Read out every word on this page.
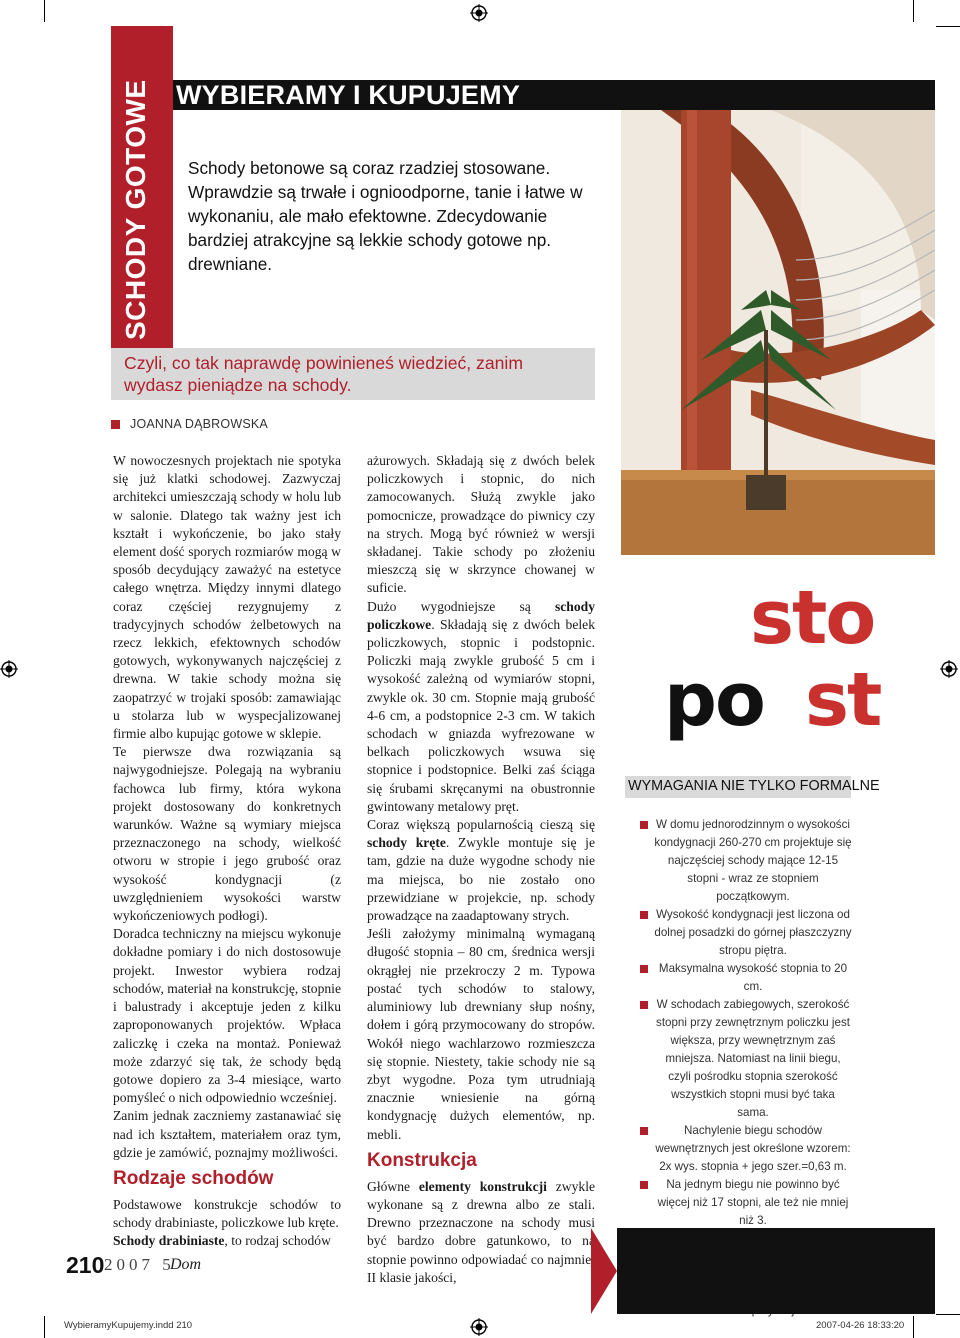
SCHODY GOTOWE WYBIERAMY I KUPUJEMY
Schody betonowe są coraz rzadziej stosowane. Wprawdzie są trwałe i ognioodporne, tanie i łatwe w wykonaniu, ale mało efektowne. Zdecydowanie bardziej atrakcyjne są lekkie schody gotowe np. drewniane.
Czyli, co tak naprawdę powinieneś wiedzieć, zanim wydasz pieniądze na schody.
JOANNA DĄBROWSKA

W nowoczesnych projektach nie spotyka się już klatki schodowej. Zazwyczaj architekci umieszczają schody w holu lub w salonie. Dlatego tak ważny jest ich kształt i wykończenie, bo jako stały element dość sporych rozmiarów mogą w sposób decydujący zaważyć na estetyce całego wnętrza. Między innymi dlatego coraz częściej rezygnujemy z tradycyjnych schodów żelbetowych na rzecz lekkich, efektownych schodów gotowych, wykonywanych najczęściej z drewna. W takie schody można się zaopatrzyć w trojaki sposób: zamawiając u stolarza lub w wyspecjalizowanej firmie albo kupując gotowe w sklepie.

Te pierwsze dwa rozwiązania są najwygodniejsze. Polegają na wybraniu fachowca lub firmy, która wykona projekt dostosowany do konkretnych warunków. Ważne są wymiary miejsca przeznaczonego na schody, wielkość otworu w stropie i jego grubość oraz wysokość kondygnacji (z uwzględnieniem wysokości warstw wykończeniowych podłogi).

Doradca techniczny na miejscu wykonuje dokładne pomiary i do nich dostosowuje projekt. Inwestor wybiera rodzaj schodów, materiał na konstrukcję, stopnie i balustrady i akceptuje jeden z kilku zaproponowanych projektów. Wpłaca zaliczkę i czeka na montaż. Ponieważ może zdarzyć się tak, że schody będą gotowe dopiero za 3-4 miesiące, warto pomyśleć o nich odpowiednio wcześniej.

Zanim jednak zaczniemy zastanawiać się nad ich kształtem, materiałem oraz tym, gdzie je zamówić, poznajmy możliwości.

Rodzaje schodów

Podstawowe konstrukcje schodów to schody drabiniaste, policzkowe lub kręte.

Schody drabiniaste, to rodzaj schodów

ażurowych. Składają się z dwóch belek policzkowych i stopnic, do nich zamocowanych. Służą zwykle jako pomocnicze, prowadzące do piwnicy czy na strych. Mogą być również w wersji składanej. Takie schody po złożeniu mieszczą się w skrzynce chowanej w suficie.

Dużo wygodniejsze są schody policzkowe. Składają się z dwóch belek policzkowych, stopnic i podstopnic. Policzki mają zwykle grubość 5 cm i wysokość zależną od wymiarów stopni, zwykle ok. 30 cm. Stopnie mają grubość 4-6 cm, a podstopnice 2-3 cm. W takich schodach w gniazda wyfrezowane w belkach policzkowych wsuwa się stopnice i podstopnice. Belki zaś ściąga się śrubami skręcanymi na obustronnie gwintowany metalowy pręt.

Coraz większą popularnością cieszą się schody kręte. Zwykle montuje się je tam, gdzie na duże wygodne schody nie ma miejsca, bo nie zostało ono przewidziane w projekcie, np. schody prowadzące na zaadaptowany strych.

Jeśli założymy minimalną wymaganą długość stopnia – 80 cm, średnica wersji okrągłej nie przekroczy 2 m. Typowa postać tych schodów to stalowy, aluminiowy lub drewniany słup nośny, dołem i górą przymocowany do stropów. Wokół niego wachlarzowo rozmieszcza się stopnie. Niestety, takie schody nie są zbyt wygodne. Poza tym utrudniają znacznie wniesienie na górną kondygnację dużych elementów, np. mebli.

Konstrukcja

Główne elementy konstrukcji zwykle wykonane są z drewna albo ze stali. Drewno przeznaczone na schody musi być bardzo dobre gatunkowo, to na stopnie powinno odpowiadać co najmniej II klasie jakości,

sto
po st
WYMAGANIA NIE TYLKO FORMALNE
W domu jednorodzinnym o wysokości kondygnacji 260-270 cm projektuje się najczęściej schody mające 12-15 stopni - wraz ze stopniem początkowym.
Wysokość kondygnacji jest liczona od dolnej posadzki do górnej płaszczyzny stropu piętra.
Maksymalna wysokość stopnia to 20 cm.
W schodach zabiegowych, szerokość stopni przy zewnętrznym policzku jest większa, przy wewnętrznym zaś mniejsza. Natomiast na linii biegu, czyli pośrodku stopnia szerokość wszystkich stopni musi być taka sama.
Nachylenie biegu schodów wewnętrznych jest określone wzorem: 2x wys. stopnia + jego szer.=0,63 m.
Na jednym biegu nie powinno być więcej niż 17 stopni, ale też nie mniej niż 3.
210 2007 5
Dom
WybieramyKupujemy.indd 210	2007-04-26 18:33:20
